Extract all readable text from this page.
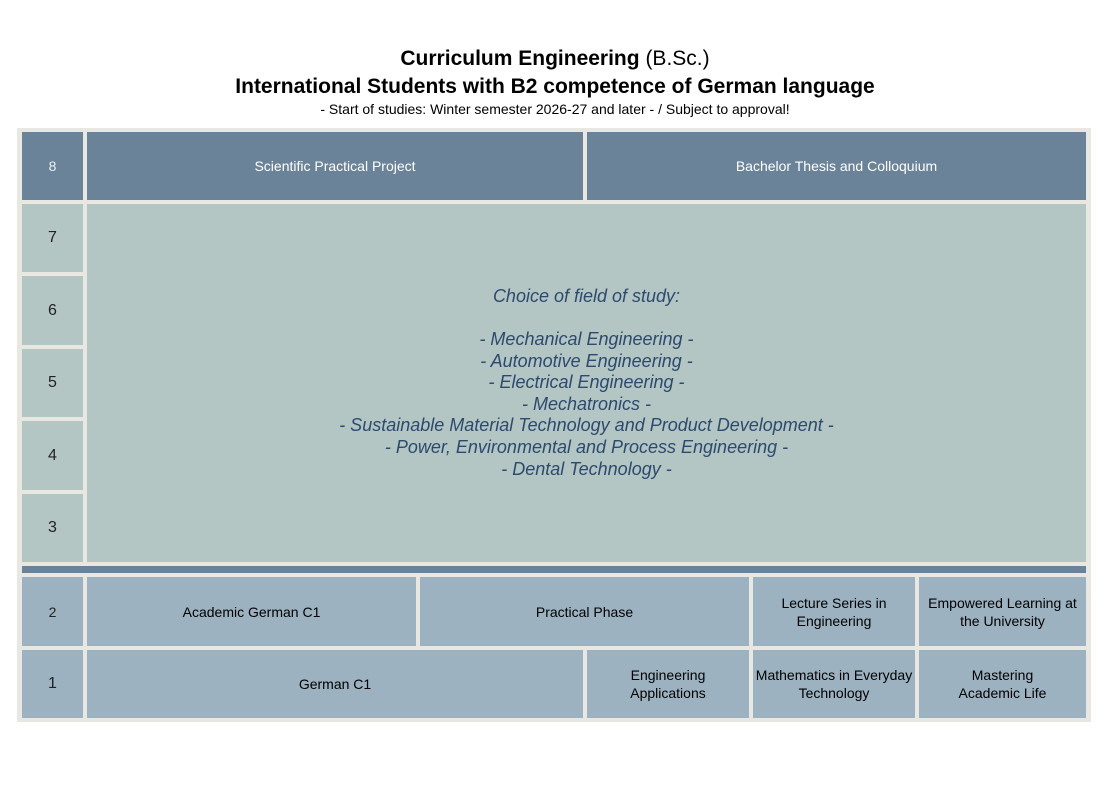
Curriculum Engineering (B.Sc.)
International Students with B2 competence of German language
- Start of studies: Winter semester 2026-27 and later - / Subject to approval!
8
7
6
5
4
3
2
1
Scientific Practical Project	Bachelor Thesis and Colloquium
Choice of field of study:
- Mechanical Engineering -
- Automotive Engineering -
- Electrical Engineering -
- Mechatronics -
- Sustainable Material Technology and Product Development -
- Power, Environmental and Process Engineering -
- Dental Technology -
Academic German C1	Practical Phase
Lecture Series in Engineering
Empowered Learning at the University
German C1
Engineering Applications
Mathematics in Everyday Technology
Mastering Academic Life
